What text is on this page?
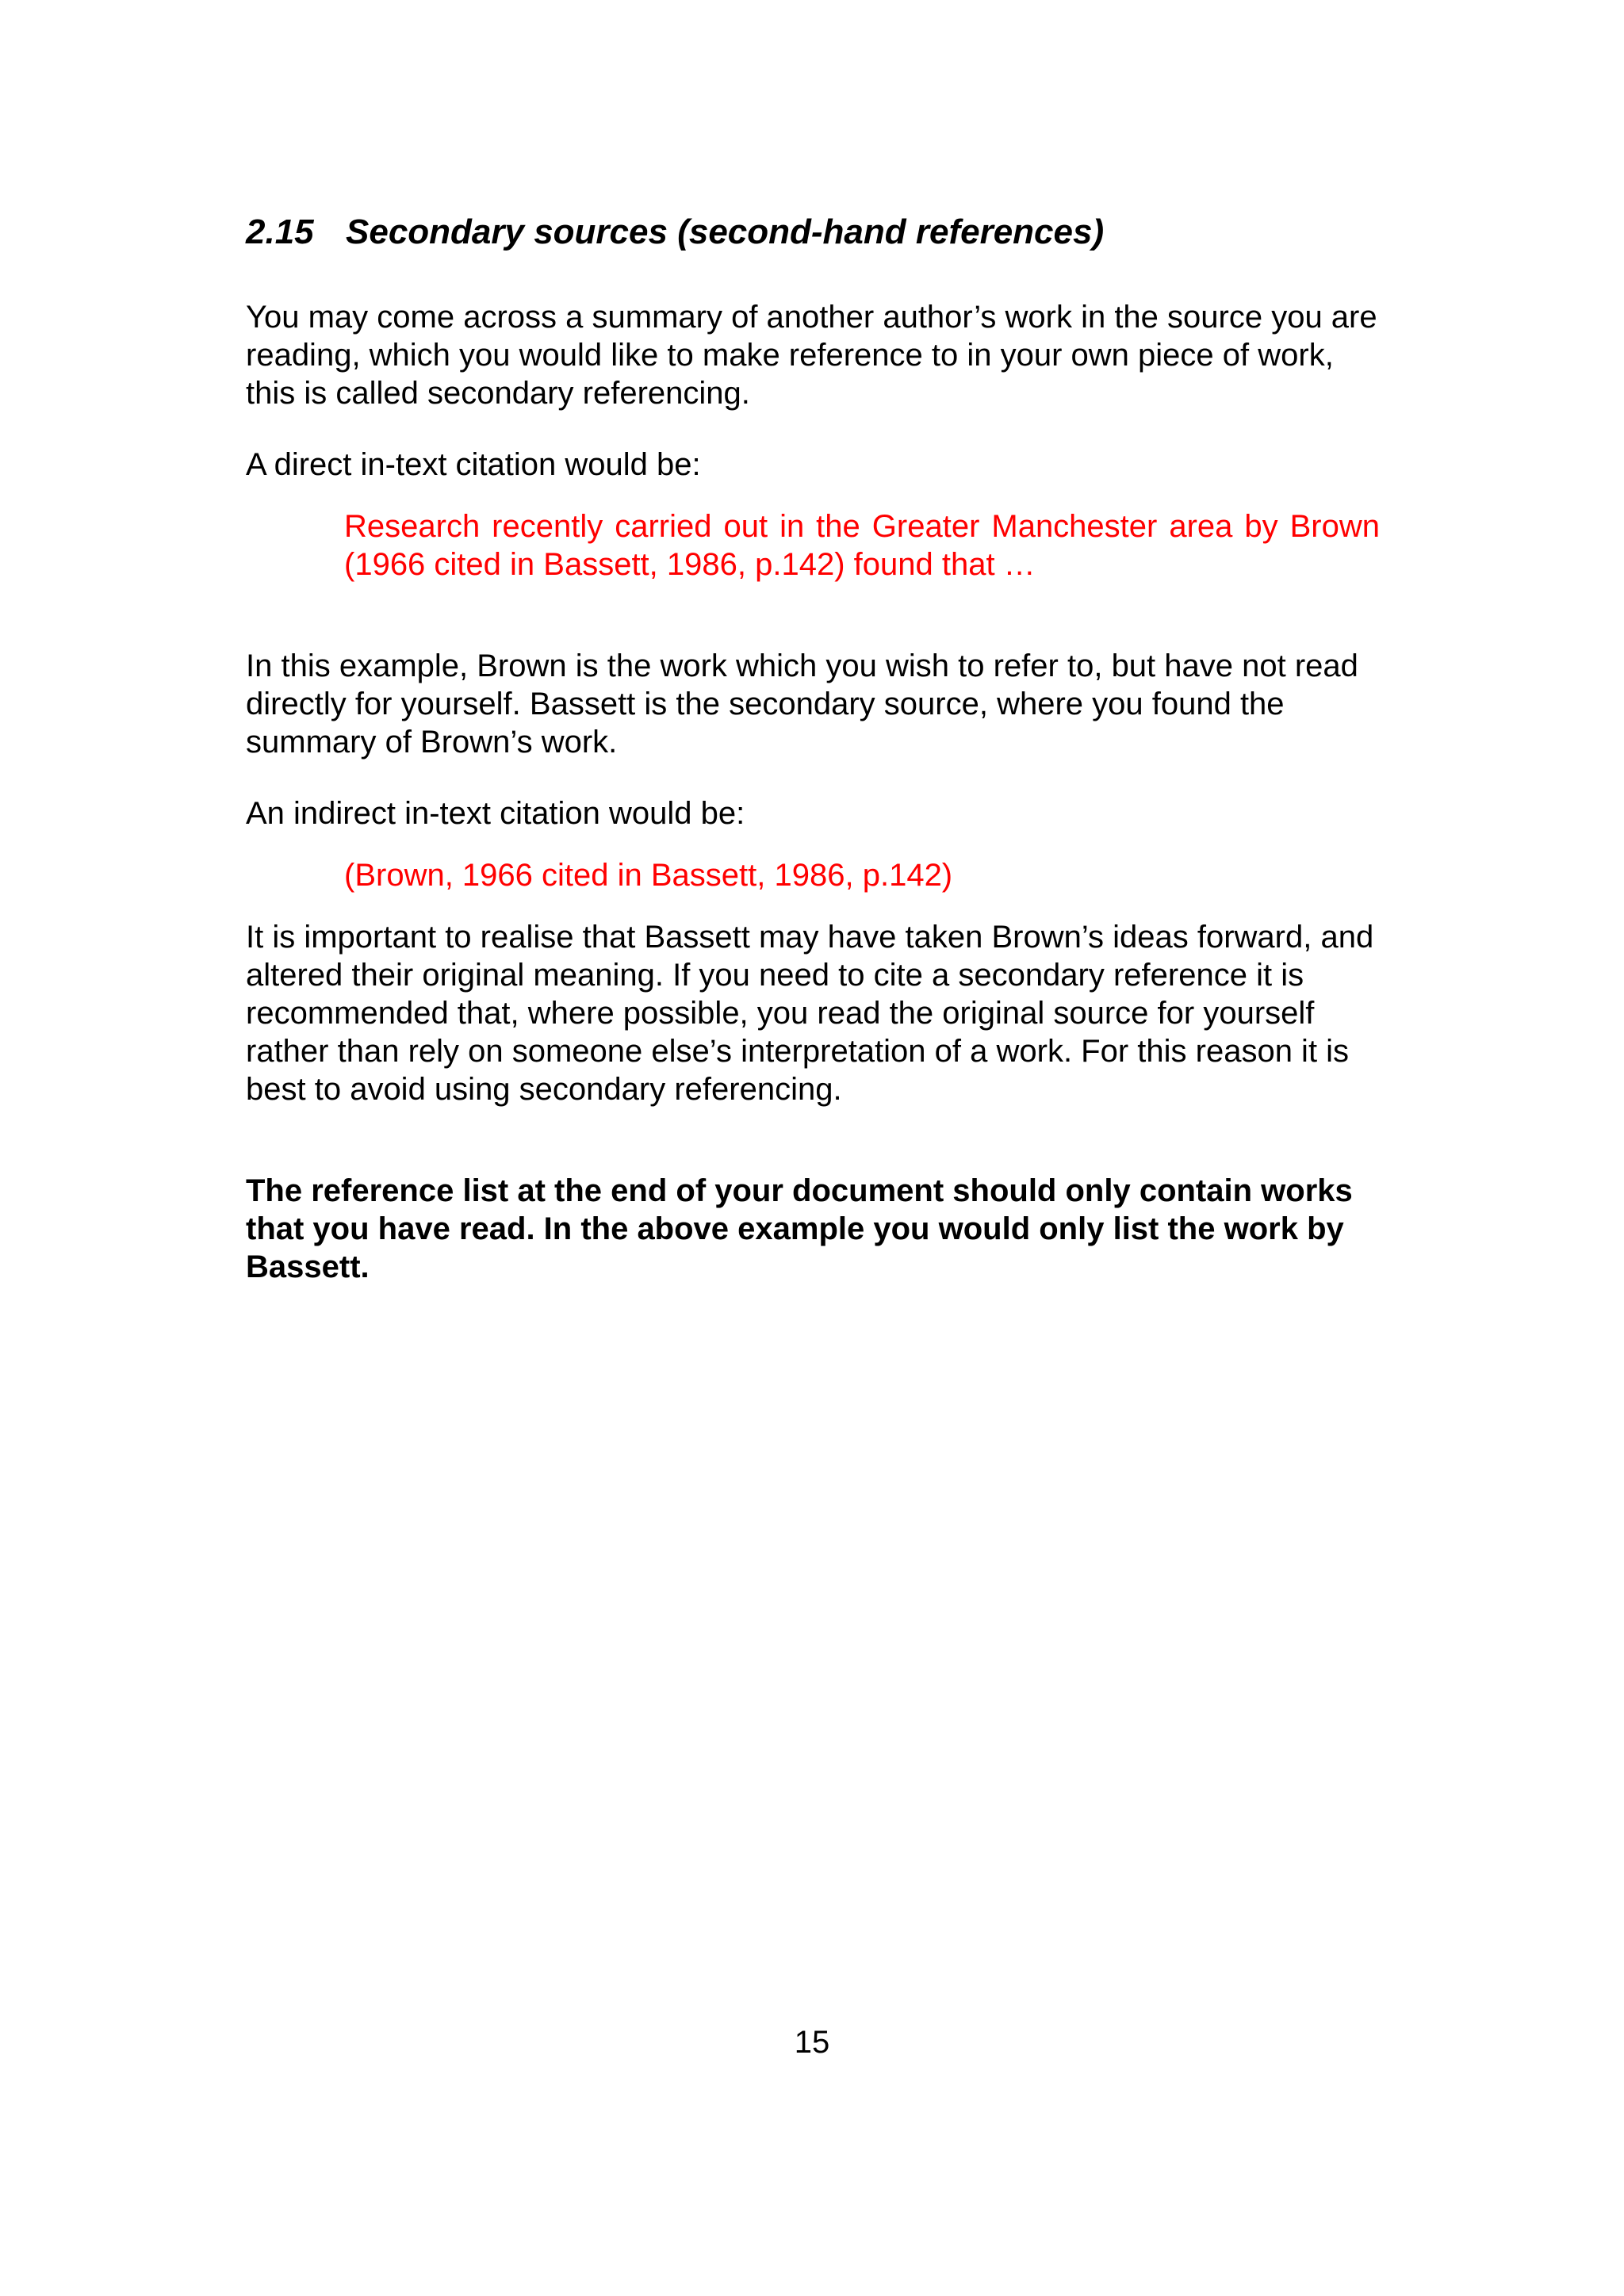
2.15 Secondary sources (second-hand references)

You may come across a summary of another author’s work in the source you are reading, which you would like to make reference to in your own piece of work, this is called secondary referencing.

A direct in-text citation would be:

Research recently carried out in the Greater Manchester area by Brown (1966 cited in Bassett, 1986, p.142) found that …

In this example, Brown is the work which you wish to refer to, but have not read directly for yourself. Bassett is the secondary source, where you found the summary of Brown’s work.

An indirect in-text citation would be:

(Brown, 1966 cited in Bassett, 1986, p.142)

It is important to realise that Bassett may have taken Brown’s ideas forward, and altered their original meaning. If you need to cite a secondary reference it is recommended that, where possible, you read the original source for yourself rather than rely on someone else’s interpretation of a work. For this reason it is best to avoid using secondary referencing.

The reference list at the end of your document should only contain works that you have read. In the above example you would only list the work by Bassett.

15
